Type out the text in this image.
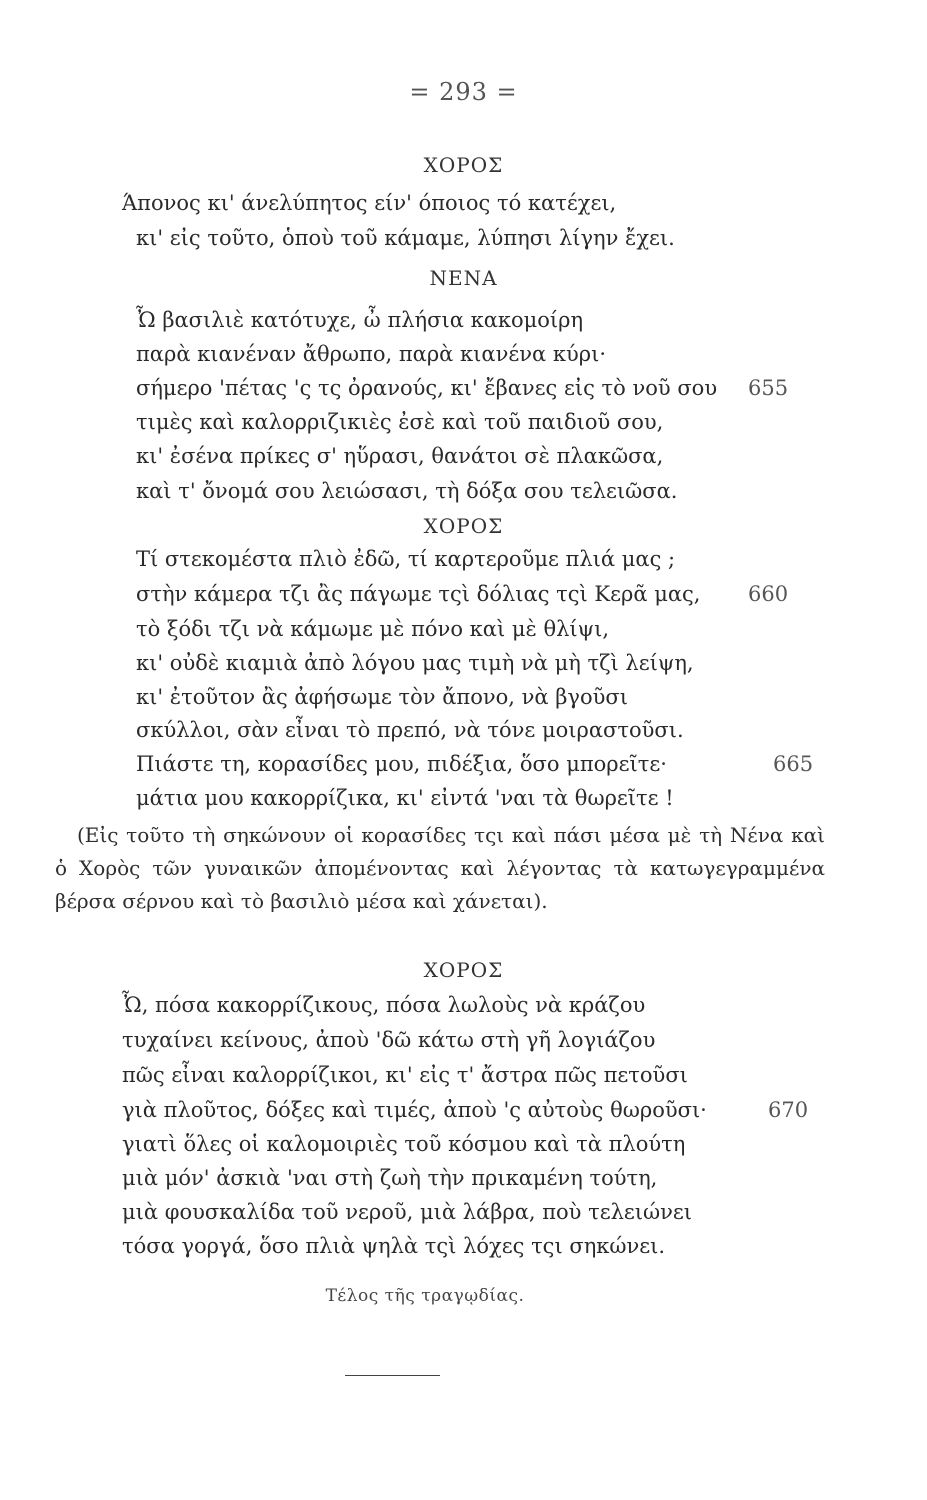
= 293 =
ΧΟΡΟΣ
Άπονος κι' άνελύπητος είν' όποιος τό κατέχει,
κι' εἰς τοῦτο, ὁποὺ τοῦ κάμαμε, λύπησι λίγην ἔχει.
ΝΕΝΑ
Ὦ βασιλιὲ κατότυχε, ὦ πλήσια κακομοίρη
παρὰ κιανέναν ἄθρωπο, παρὰ κιανένα κύρι·
σήμερο 'πέτας 'ς τς ὀρανούς, κι' ἔβανες εἰς τὸ νοῦ σου 655
τιμὲς καὶ καλορριζικιὲς ἐσὲ καὶ τοῦ παιδιοῦ σου,
κι' ἐσένα πρίκες σ' ηὕρασι, θανάτοι σὲ πλακῶσα,
καὶ τ' ὄνομά σου λειώσασι, τὴ δόξα σου τελειῶσα.
ΧΟΡΟΣ
Τί στεκομέστα πλιὸ ἐδῶ, τί καρτεροῦμε πλιά μας ;
στὴν κάμερα τζι ἂς πάγωμε τςὶ δόλιας τςὶ Κερᾶ μας, 660
τὸ ξόδι τζι νὰ κάμωμε μὲ πόνο καὶ μὲ θλίψι,
κι' οὐδὲ κιαμιὰ ἀπὸ λόγου μας τιμὴ νὰ μὴ τζὶ λείψη,
κι' ἐτοῦτον ἂς ἀφήσωμε τὸν ἄπονο, νὰ βγοῦσι
σκύλλοι, σὰν εἶναι τὸ πρεπό, νὰ τόνε μοιραστοῦσι.
Πιάστε τη, κορασίδες μου, πιδέξια, ὅσο μπορεῖτε·	665
μάτια μου κακορρίζικα, κι' εἰντά 'ναι τὰ θωρεῖτε !
(Εἰς τοῦτο τὴ σηκώνουν οἱ κορασίδες τςι καὶ πάσι μέσα μὲ τὴ Νένα καὶ ὁ Χορὸς τῶν γυναικῶν ἀπομένοντας καὶ λέγοντας τὰ κατωγεγραμμένα βέρσα σέρνου καὶ τὸ βασιλιὸ μέσα καὶ χάνεται).
ΧΟΡΟΣ
Ὦ, πόσα κακορρίζικους, πόσα λωλοὺς νὰ κράζου
τυχαίνει κείνους, ἀποὺ 'δῶ κάτω στὴ γῆ λογιάζου
πῶς εἶναι καλορρίζικοι, κι' εἰς τ' ἄστρα πῶς πετοῦσι
γιὰ πλοῦτος, δόξες καὶ τιμές, ἀποὺ 'ς αὐτοὺς θωροῦσι·	670
γιατὶ ὅλες οἱ καλομοιριὲς τοῦ κόσμου καὶ τὰ πλούτη
μιὰ μόν' ἀσκιὰ 'ναι στὴ ζωὴ τὴν πρικαμένη τούτη,
μιὰ φουσκαλίδα τοῦ νεροῦ, μιὰ λάβρα, ποὺ τελειώνει
τόσα γοργά, ὅσο πλιὰ ψηλὰ τςὶ λόχες τςι σηκώνει.
Τέλος τῆς τραγῳδίας.
